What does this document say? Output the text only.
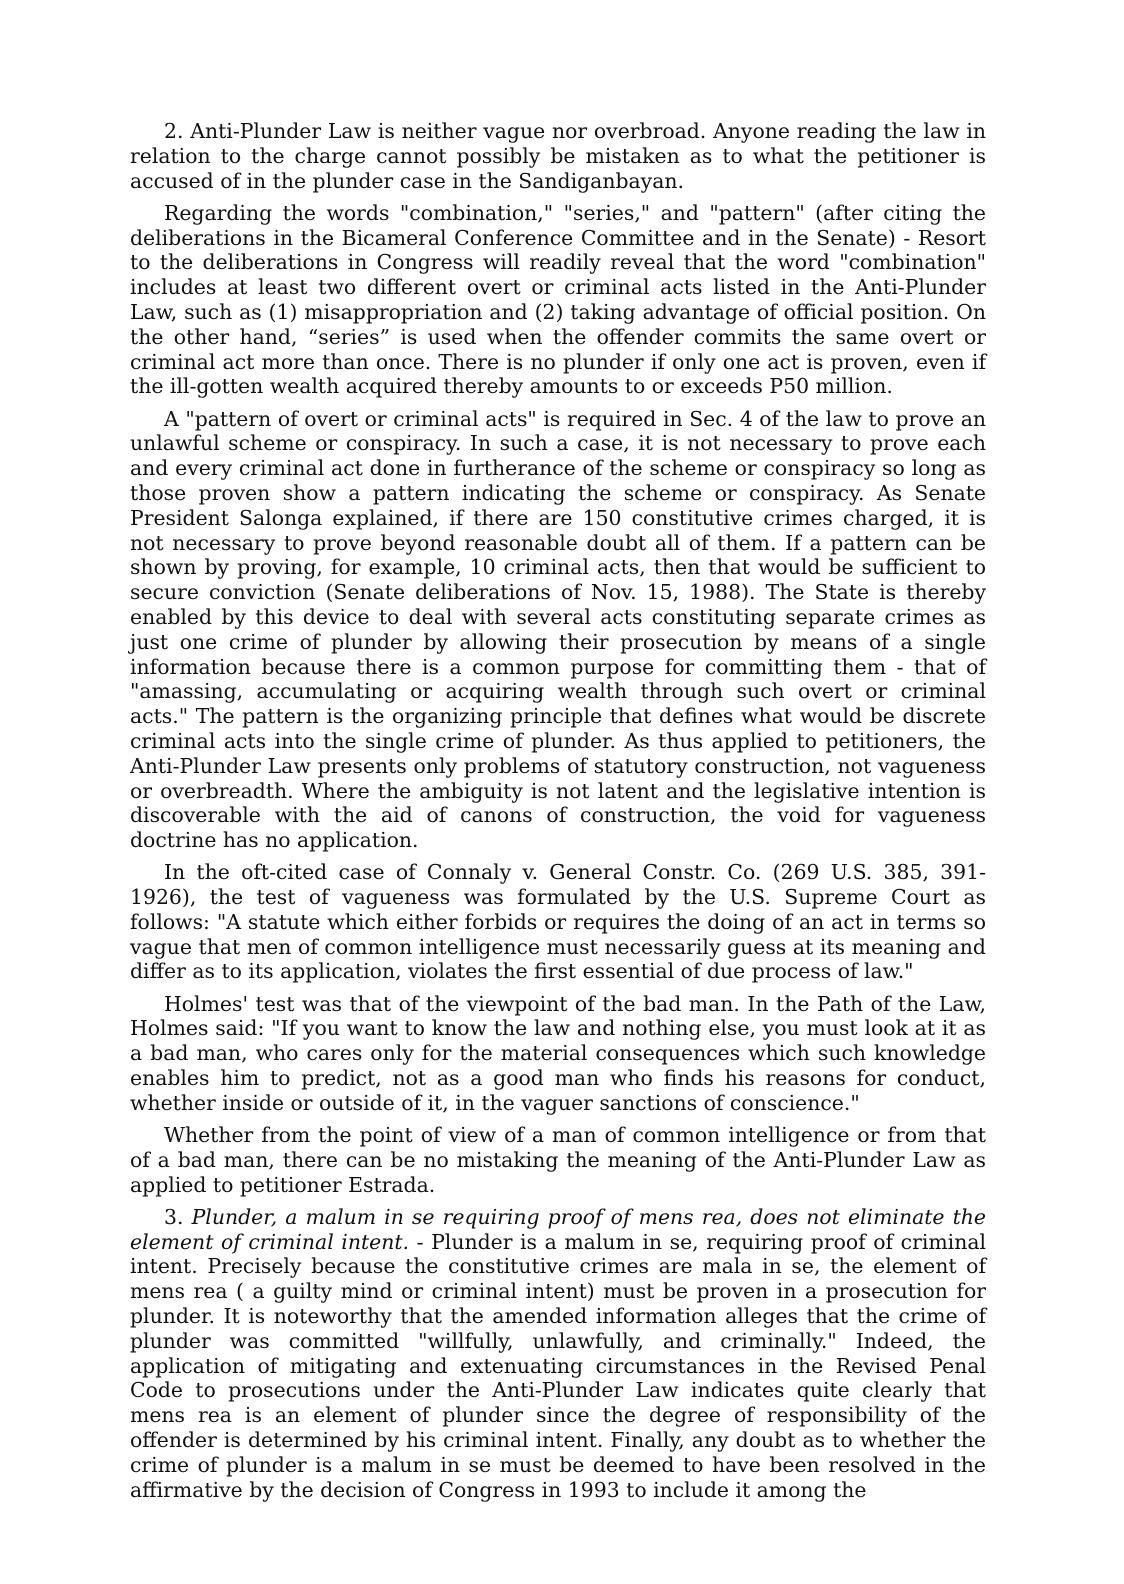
2. Anti-Plunder Law is neither vague nor overbroad. Anyone reading the law in relation to the charge cannot possibly be mistaken as to what the petitioner is accused of in the plunder case in the Sandiganbayan.

Regarding the words "combination," "series," and "pattern" (after citing the deliberations in the Bicameral Conference Committee and in the Senate) - Resort to the deliberations in Congress will readily reveal that the word "combination" includes at least two different overt or criminal acts listed in the Anti-Plunder Law, such as (1) misappropriation and (2) taking advantage of official position. On the other hand, “series” is used when the offender commits the same overt or criminal act more than once. There is no plunder if only one act is proven, even if the ill-gotten wealth acquired thereby amounts to or exceeds P50 million.

A "pattern of overt or criminal acts" is required in Sec. 4 of the law to prove an unlawful scheme or conspiracy. In such a case, it is not necessary to prove each and every criminal act done in furtherance of the scheme or conspiracy so long as those proven show a pattern indicating the scheme or conspiracy. As Senate President Salonga explained, if there are 150 constitutive crimes charged, it is not necessary to prove beyond reasonable doubt all of them. If a pattern can be shown by proving, for example, 10 criminal acts, then that would be sufficient to secure conviction (Senate deliberations of Nov. 15, 1988). The State is thereby enabled by this device to deal with several acts constituting separate crimes as just one crime of plunder by allowing their prosecution by means of a single information because there is a common purpose for committing them - that of "amassing, accumulating or acquiring wealth through such overt or criminal acts." The pattern is the organizing principle that defines what would be discrete criminal acts into the single crime of plunder. As thus applied to petitioners, the Anti-Plunder Law presents only problems of statutory construction, not vagueness or overbreadth. Where the ambiguity is not latent and the legislative intention is discoverable with the aid of canons of construction, the void for vagueness doctrine has no application.

In the oft-cited case of Connaly v. General Constr. Co. (269 U.S. 385, 391- 1926), the test of vagueness was formulated by the U.S. Supreme Court as follows: "A statute which either forbids or requires the doing of an act in terms so vague that men of common intelligence must necessarily guess at its meaning and differ as to its application, violates the first essential of due process of law."

Holmes' test was that of the viewpoint of the bad man. In the Path of the Law, Holmes said: "If you want to know the law and nothing else, you must look at it as a bad man, who cares only for the material consequences which such knowledge enables him to predict, not as a good man who finds his reasons for conduct, whether inside or outside of it, in the vaguer sanctions of conscience."

Whether from the point of view of a man of common intelligence or from that of a bad man, there can be no mistaking the meaning of the Anti-Plunder Law as applied to petitioner Estrada.

3. Plunder, a malum in se requiring proof of mens rea, does not eliminate the element of criminal intent. - Plunder is a malum in se, requiring proof of criminal intent. Precisely because the constitutive crimes are mala in se, the element of mens rea ( a guilty mind or criminal intent) must be proven in a prosecution for plunder. It is noteworthy that the amended information alleges that the crime of plunder was committed "willfully, unlawfully, and criminally." Indeed, the application of mitigating and extenuating circumstances in the Revised Penal Code to prosecutions under the Anti-Plunder Law indicates quite clearly that mens rea is an element of plunder since the degree of responsibility of the offender is determined by his criminal intent. Finally, any doubt as to whether the crime of plunder is a malum in se must be deemed to have been resolved in the affirmative by the decision of Congress in 1993 to include it among the
